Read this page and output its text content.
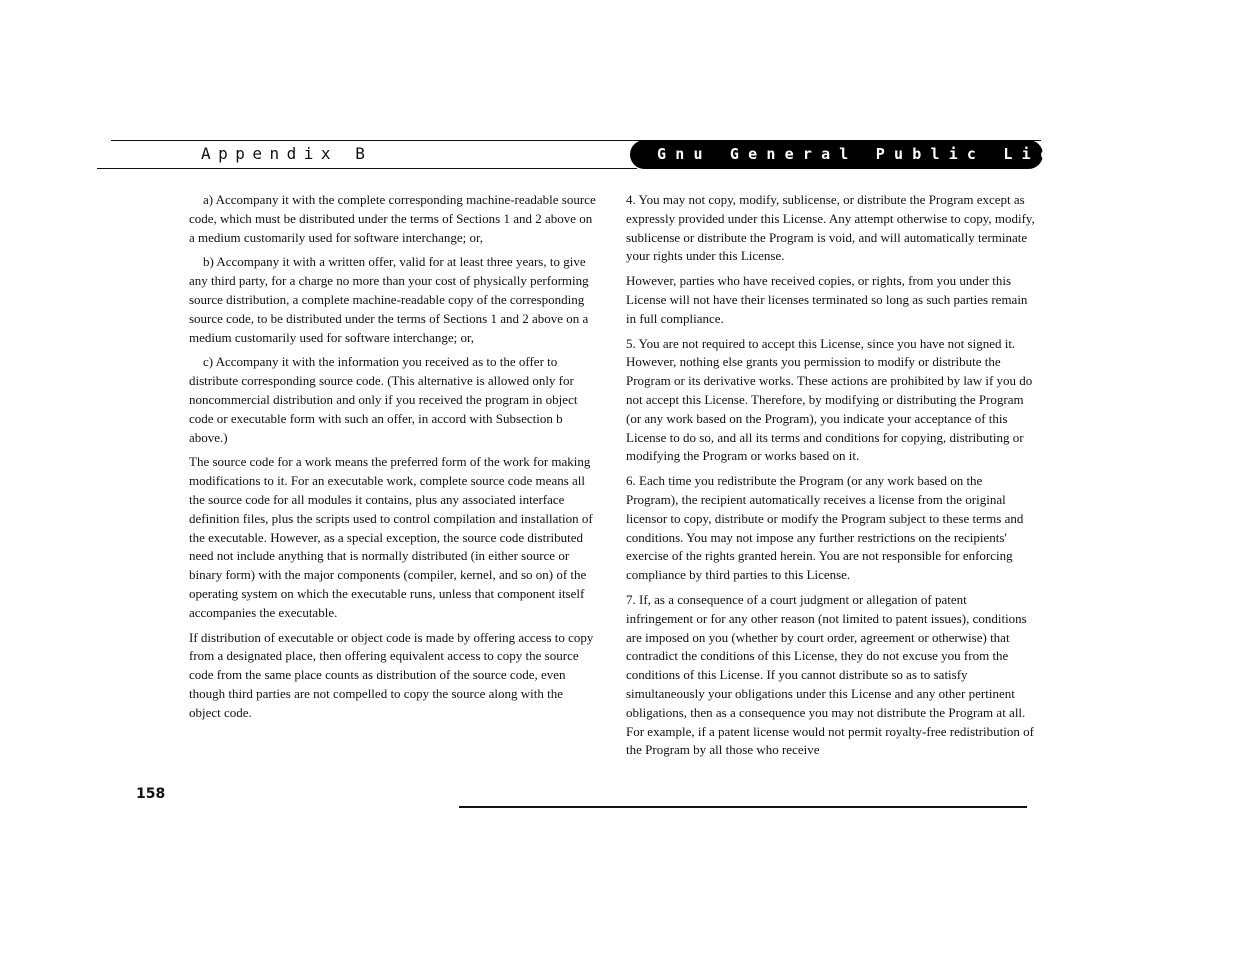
Appendix B	Gnu General Public License

a) Accompany it with the complete corresponding machine-readable source code, which must be distributed under the terms of Sections 1 and 2 above on a medium customarily used for software interchange; or,

b) Accompany it with a written offer, valid for at least three years, to give any third party, for a charge no more than your cost of physically performing source distribution, a complete machine-readable copy of the corresponding source code, to be distributed under the terms of Sections 1 and 2 above on a medium customarily used for software interchange; or,

c) Accompany it with the information you received as to the offer to distribute corresponding source code. (This alternative is allowed only for noncommercial distribution and only if you received the program in object code or executable form with such an offer, in accord with Subsection b above.)

The source code for a work means the preferred form of the work for making modifications to it. For an executable work, complete source code means all the source code for all modules it contains, plus any associated interface definition files, plus the scripts used to control compilation and installation of the executable. However, as a special exception, the source code distributed need not include anything that is normally distributed (in either source or binary form) with the major components (compiler, kernel, and so on) of the operating system on which the executable runs, unless that component itself accompanies the executable.

If distribution of executable or object code is made by offering access to copy from a designated place, then offering equivalent access to copy the source code from the same place counts as distribution of the source code, even though third parties are not compelled to copy the source along with the object code.

4. You may not copy, modify, sublicense, or distribute the Program except as expressly provided under this License. Any attempt otherwise to copy, modify, sublicense or distribute the Program is void, and will automatically terminate your rights under this License.

However, parties who have received copies, or rights, from you under this License will not have their licenses terminated so long as such parties remain in full compliance.

5. You are not required to accept this License, since you have not signed it. However, nothing else grants you permission to modify or distribute the Program or its derivative works. These actions are prohibited by law if you do not accept this License. Therefore, by modifying or distributing the Program (or any work based on the Program), you indicate your acceptance of this License to do so, and all its terms and conditions for copying, distributing or modifying the Program or works based on it.

6. Each time you redistribute the Program (or any work based on the Program), the recipient automatically receives a license from the original licensor to copy, distribute or modify the Program subject to these terms and conditions. You may not impose any further restrictions on the recipients' exercise of the rights granted herein. You are not responsible for enforcing compliance by third parties to this License.

7. If, as a consequence of a court judgment or allegation of patent infringement or for any other reason (not limited to patent issues), conditions are imposed on you (whether by court order, agreement or otherwise) that contradict the conditions of this License, they do not excuse you from the conditions of this License. If you cannot distribute so as to satisfy simultaneously your obligations under this License and any other pertinent obligations, then as a consequence you may not distribute the Program at all. For example, if a patent license would not permit royalty-free redistribution of the Program by all those who receive

158
